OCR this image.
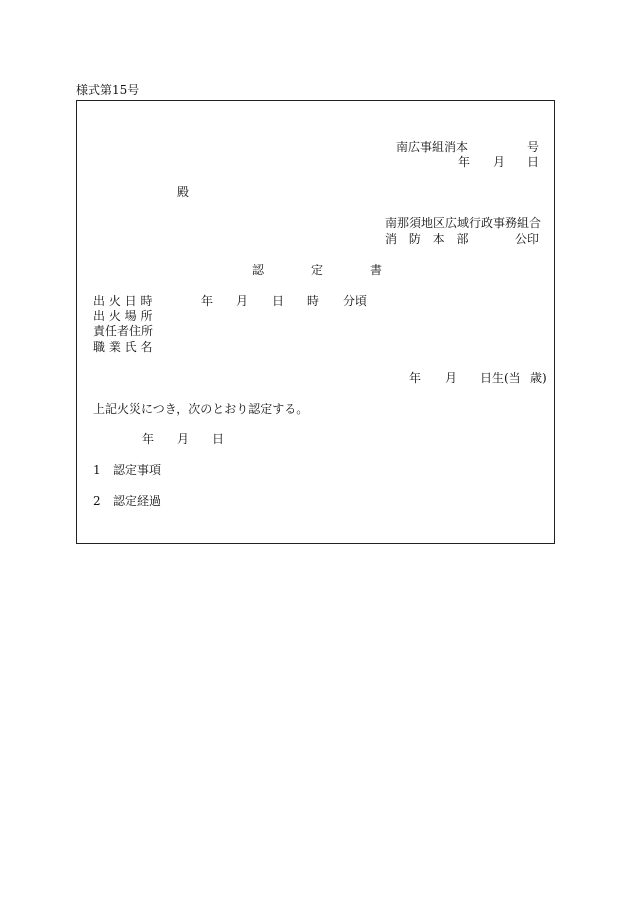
様式第15号
南広事組消本	号
年 月 日
殿
南那須地区広域行政事務組合
消 防 本 部	公印
認	定	書
出 火 日 時	年 月 日 時 分頃
出 火 場 所
責任者住所
職 業 氏 名
年 月 日生(当 歳)
上記火災につき，次のとおり認定する。
年 月 日
1 認定事項
2 認定経過
